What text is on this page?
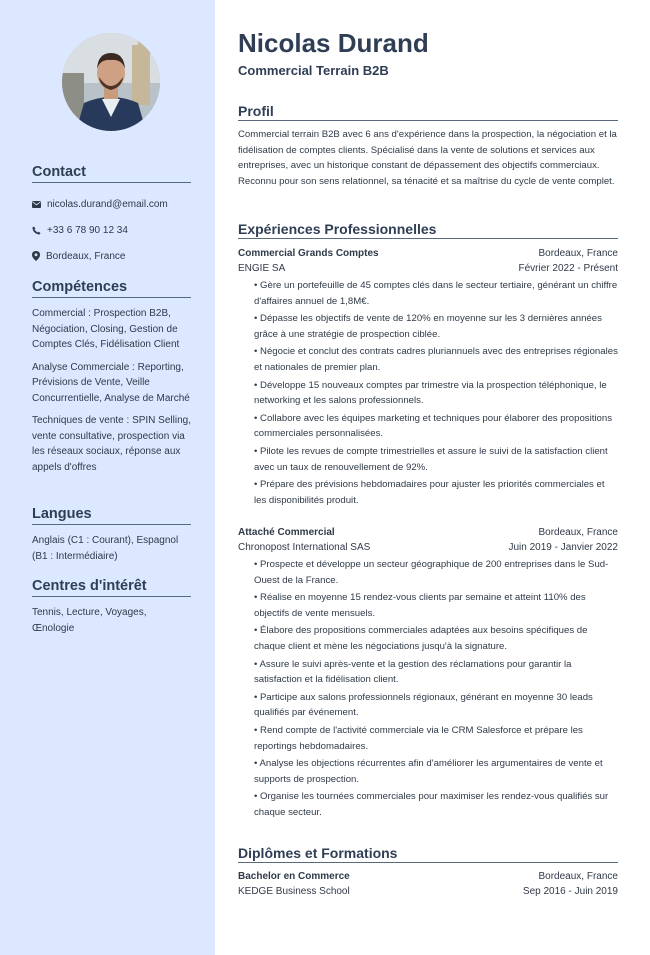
Contact
nicolas.durand@email.com
+33 6 78 90 12 34
Bordeaux, France
Compétences
Commercial : Prospection B2B, Négociation, Closing, Gestion de Comptes Clés, Fidélisation Client
Analyse Commerciale : Reporting, Prévisions de Vente, Veille Concurrentielle, Analyse de Marché
Techniques de vente : SPIN Selling, vente consultative, prospection via les réseaux sociaux, réponse aux appels d'offres
Langues
Anglais (C1 : Courant), Espagnol (B1 : Intermédiaire)
Centres d'intérêt
Tennis, Lecture, Voyages, Œnologie
Nicolas Durand
Commercial Terrain B2B
Profil
Commercial terrain B2B avec 6 ans d'expérience dans la prospection, la négociation et la fidélisation de comptes clients. Spécialisé dans la vente de solutions et services aux entreprises, avec un historique constant de dépassement des objectifs commerciaux. Reconnu pour son sens relationnel, sa ténacité et sa maîtrise du cycle de vente complet.
Expériences Professionnelles
Commercial Grands Comptes	Bordeaux, France
ENGIE SA	Février 2022 - Présent
• Gère un portefeuille de 45 comptes clés dans le secteur tertiaire, générant un chiffre d'affaires annuel de 1,8M€.
• Dépasse les objectifs de vente de 120% en moyenne sur les 3 dernières années grâce à une stratégie de prospection ciblée.
• Négocie et conclut des contrats cadres pluriannuels avec des entreprises régionales et nationales de premier plan.
• Développe 15 nouveaux comptes par trimestre via la prospection téléphonique, le networking et les salons professionnels.
• Collabore avec les équipes marketing et techniques pour élaborer des propositions commerciales personnalisées.
• Pilote les revues de compte trimestrielles et assure le suivi de la satisfaction client avec un taux de renouvellement de 92%.
• Prépare des prévisions hebdomadaires pour ajuster les priorités commerciales et les disponibilités produit.
Attaché Commercial	Bordeaux, France
Chronopost International SAS	Juin 2019 - Janvier 2022
• Prospecte et développe un secteur géographique de 200 entreprises dans le Sud-Ouest de la France.
• Réalise en moyenne 15 rendez-vous clients par semaine et atteint 110% des objectifs de vente mensuels.
• Élabore des propositions commerciales adaptées aux besoins spécifiques de chaque client et mène les négociations jusqu'à la signature.
• Assure le suivi après-vente et la gestion des réclamations pour garantir la satisfaction et la fidélisation client.
• Participe aux salons professionnels régionaux, générant en moyenne 30 leads qualifiés par événement.
• Rend compte de l'activité commerciale via le CRM Salesforce et prépare les reportings hebdomadaires.
• Analyse les objections récurrentes afin d'améliorer les argumentaires de vente et supports de prospection.
• Organise les tournées commerciales pour maximiser les rendez-vous qualifiés sur chaque secteur.
Diplômes et Formations
Bachelor en Commerce	Bordeaux, France
KEDGE Business School	Sep 2016 - Juin 2019
